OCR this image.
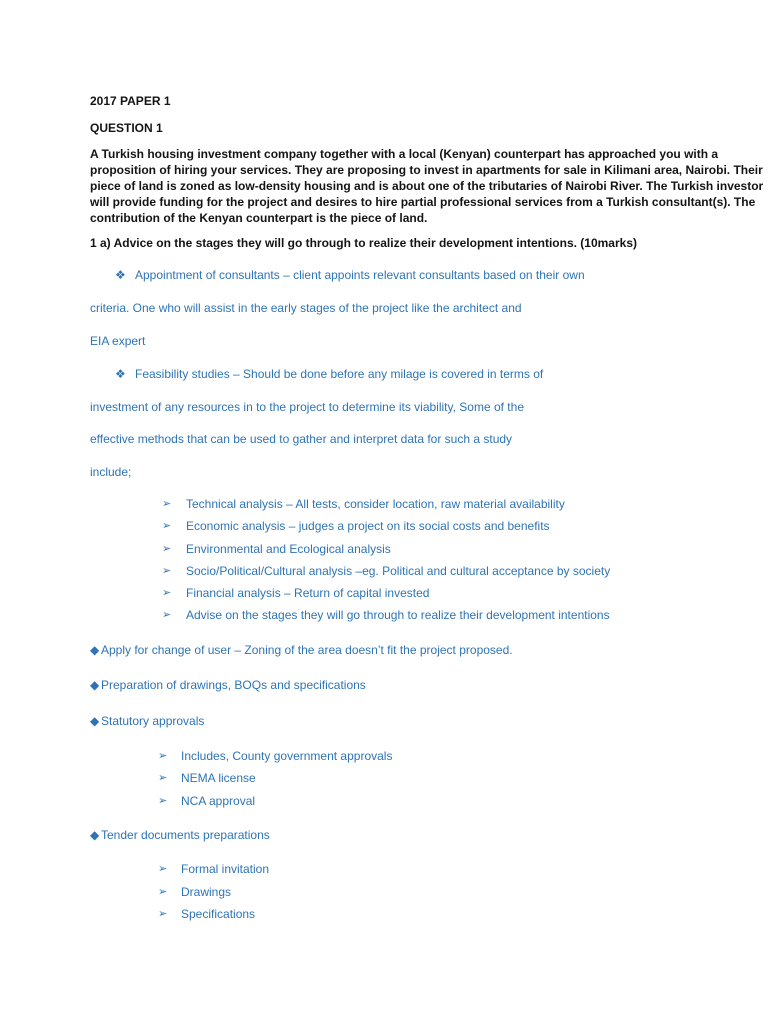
2017 PAPER 1
QUESTION 1
A Turkish housing investment company together with a local (Kenyan) counterpart has approached you with a
proposition of hiring your services. They are proposing to invest in apartments for sale in Kilimani area, Nairobi. Their
piece of land is zoned as low-density housing and is about one of the tributaries of Nairobi River. The Turkish investor
will provide funding for the project and desires to hire partial professional services from a Turkish consultant(s). The
contribution of the Kenyan counterpart is the piece of land.
1 a) Advice on the stages they will go through to realize their development intentions. (10marks)
❖ Appointment of consultants – client appoints relevant consultants based on their own
criteria. One who will assist in the early stages of the project like the architect and
EIA expert
❖ Feasibility studies – Should be done before any milage is covered in terms of
investment of any resources in to the project to determine its viability, Some of the
effective methods that can be used to gather and interpret data for such a study
include;
➢ Technical analysis – All tests, consider location, raw material availability
➢ Economic analysis – judges a project on its social costs and benefits
➢ Environmental and Ecological analysis
➢ Socio/Political/Cultural analysis –eg. Political and cultural acceptance by society
➢ Financial analysis – Return of capital invested
➢ Advise on the stages they will go through to realize their development intentions
◆ Apply for change of user – Zoning of the area doesn’t fit the project proposed.
◆ Preparation of drawings, BOQs and specifications
◆ Statutory approvals
➢ Includes, County government approvals
➢ NEMA license
➢ NCA approval
◆ Tender documents preparations
➢ Formal invitation
➢ Drawings
➢ Specifications
